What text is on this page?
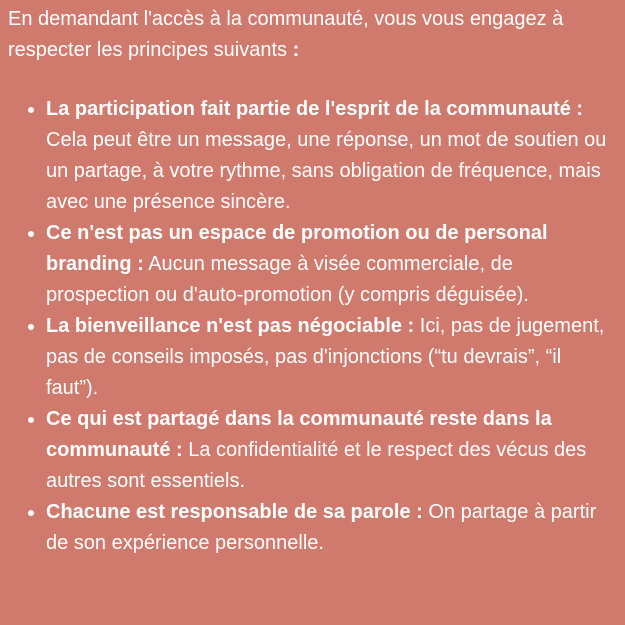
En demandant l'accès à la communauté, vous vous engagez à respecter les principes suivants :

La participation fait partie de l'esprit de la communauté : Cela peut être un message, une réponse, un mot de soutien ou un partage, à votre rythme, sans obligation de fréquence, mais avec une présence sincère.
Ce n'est pas un espace de promotion ou de personal branding : Aucun message à visée commerciale, de prospection ou d'auto-promotion (y compris déguisée).
La bienveillance n'est pas négociable : Ici, pas de jugement, pas de conseils imposés, pas d'injonctions (“tu devrais”, “il faut”).
Ce qui est partagé dans la communauté reste dans la communauté : La confidentialité et le respect des vécus des autres sont essentiels.
Chacune est responsable de sa parole : On partage à partir de son expérience personnelle.
